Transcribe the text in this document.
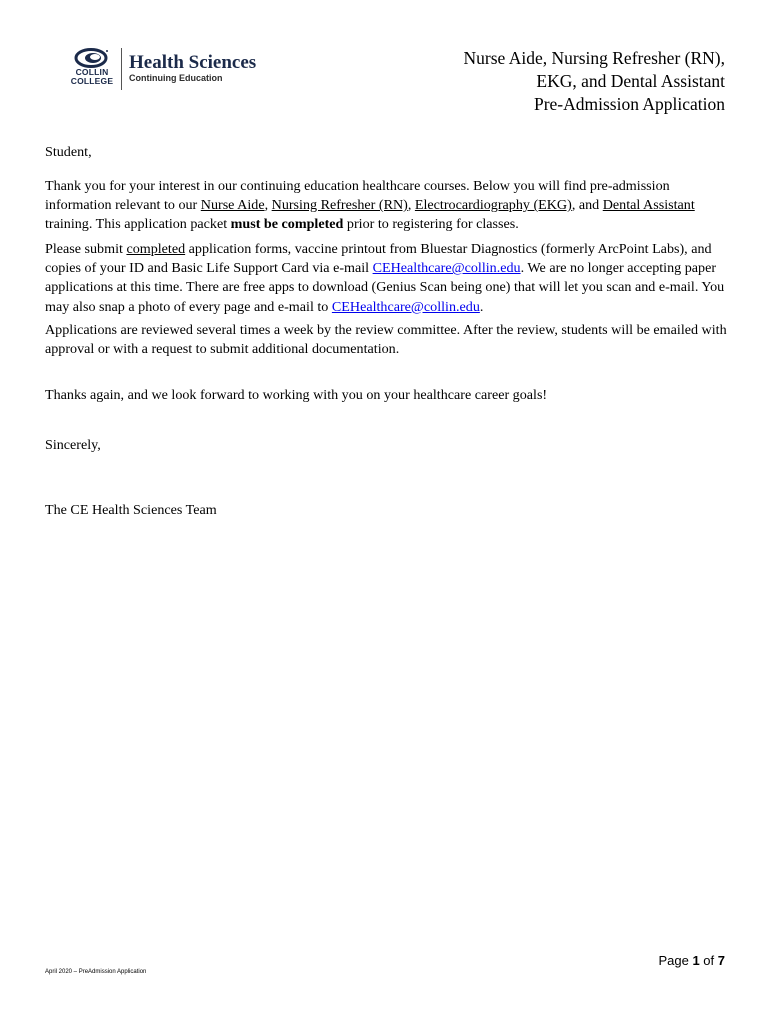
COLLIN
COLLEGE
Health Sciences
Continuing Education
Nurse Aide, Nursing Refresher (RN),
EKG, and Dental Assistant
Pre-Admission Application

Student,

Thank you for your interest in our continuing education healthcare courses. Below you will find pre-admission

information relevant to our Nurse Aide, Nursing Refresher (RN), Electrocardiography (EKG), and Dental Assistant

training. This application packet must be completed prior to registering for classes.

Please submit completed application forms, vaccine printout from Bluestar Diagnostics (formerly ArcPoint Labs), and

copies of your ID and Basic Life Support Card via e-mail CEHealthcare@collin.edu. We are no longer accepting paper

applications at this time. There are free apps to download (Genius Scan being one) that will let you scan and e-mail. You

may also snap a photo of every page and e-mail to CEHealthcare@collin.edu.

Applications are reviewed several times a week by the review committee. After the review, students will be emailed with

approval or with a request to submit additional documentation.

Thanks again, and we look forward to working with you on your healthcare career goals!

Sincerely,

The CE Health Sciences Team

Page 1 of 7
April 2020 – PreAdmission Application
